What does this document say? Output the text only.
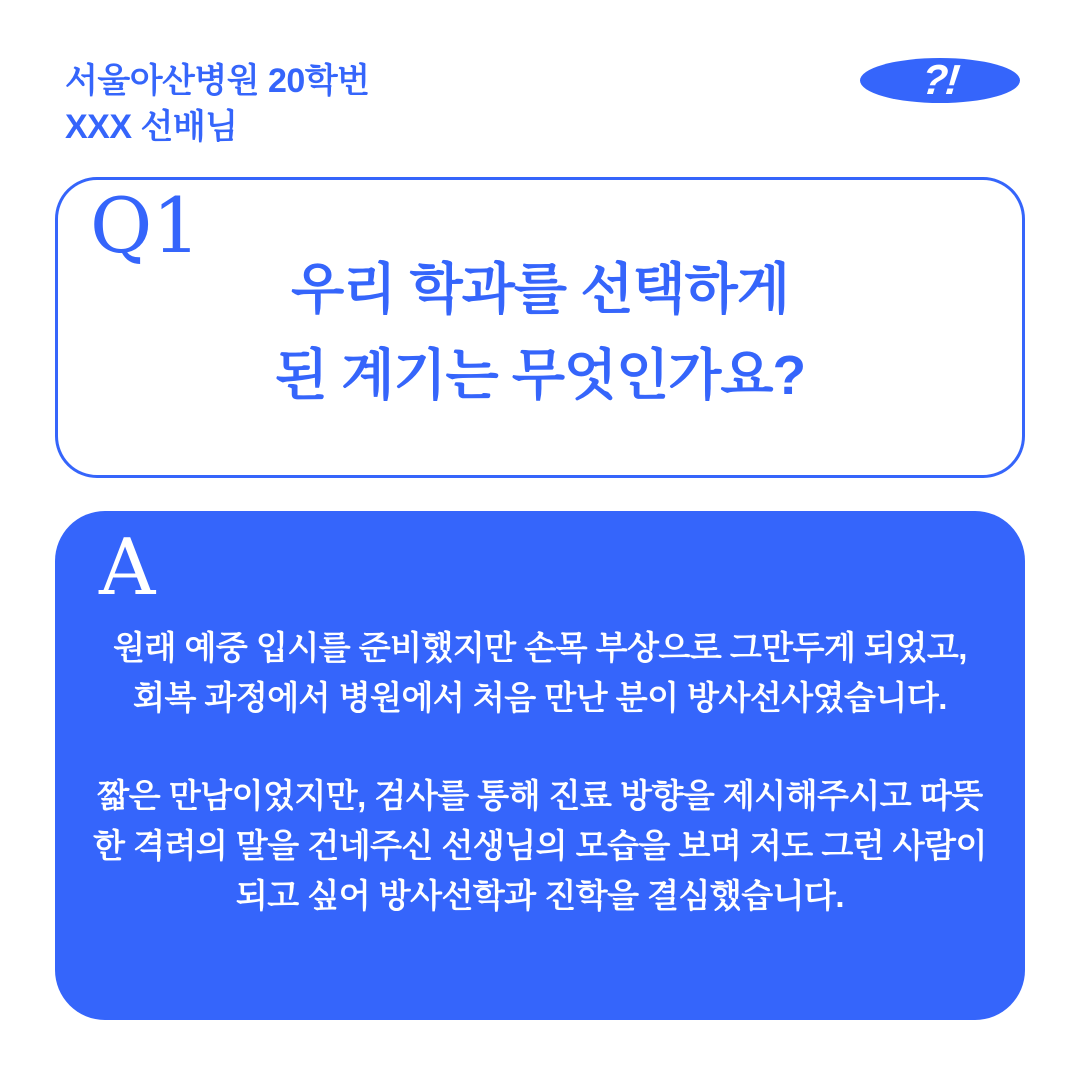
서울아산병원 20학번
XXX 선배님
?!
Q1
우리 학과를 선택하게
된 계기는 무엇인가요?
A
원래 예중 입시를 준비했지만 손목 부상으로 그만두게 되었고,
회복 과정에서 병원에서 처음 만난 분이 방사선사였습니다.
짧은 만남이었지만, 검사를 통해 진료 방향을 제시해주시고 따뜻
한 격려의 말을 건네주신 선생님의 모습을 보며 저도 그런 사람이
되고 싶어 방사선학과 진학을 결심했습니다.
